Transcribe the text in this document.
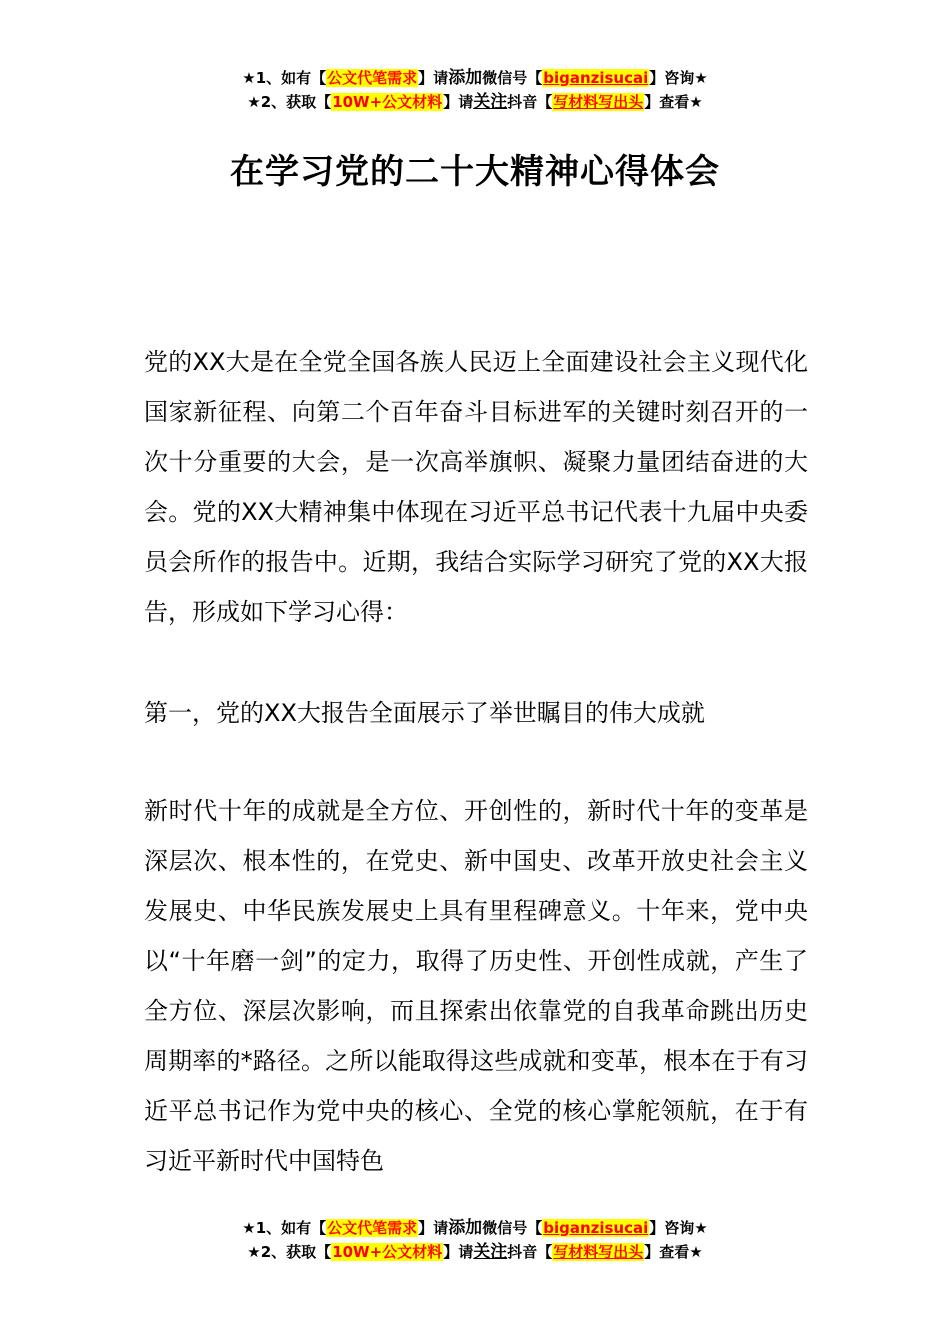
★1、如有【公文代笔需求】请添加微信号【biganzisucai】咨询★
★2、获取【10W+公文材料】请关注抖音【写材料写出头】查看★
在学习党的二十大精神心得体会

党的XX大是在全党全国各族人民迈上全面建设社会主义现代化国家新征程、向第二个百年奋斗目标进军的关键时刻召开的一次十分重要的大会，是一次高举旗帜、凝聚力量团结奋进的大会。党的XX大精神集中体现在习近平总书记代表十九届中央委员会所作的报告中。近期，我结合实际学习研究了党的XX大报告，形成如下学习心得：

第一，党的XX大报告全面展示了举世瞩目的伟大成就

新时代十年的成就是全方位、开创性的，新时代十年的变革是深层次、根本性的，在党史、新中国史、改革开放史社会主义发展史、中华民族发展史上具有里程碑意义。十年来，党中央以“十年磨一剑”的定力，取得了历史性、开创性成就，产生了全方位、深层次影响，而且探索出依靠党的自我革命跳出历史周期率的*路径。之所以能取得这些成就和变革，根本在于有习近平总书记作为党中央的核心、全党的核心掌舵领航，在于有习近平新时代中国特色

★1、如有【公文代笔需求】请添加微信号【biganzisucai】咨询★
★2、获取【10W+公文材料】请关注抖音【写材料写出头】查看★
